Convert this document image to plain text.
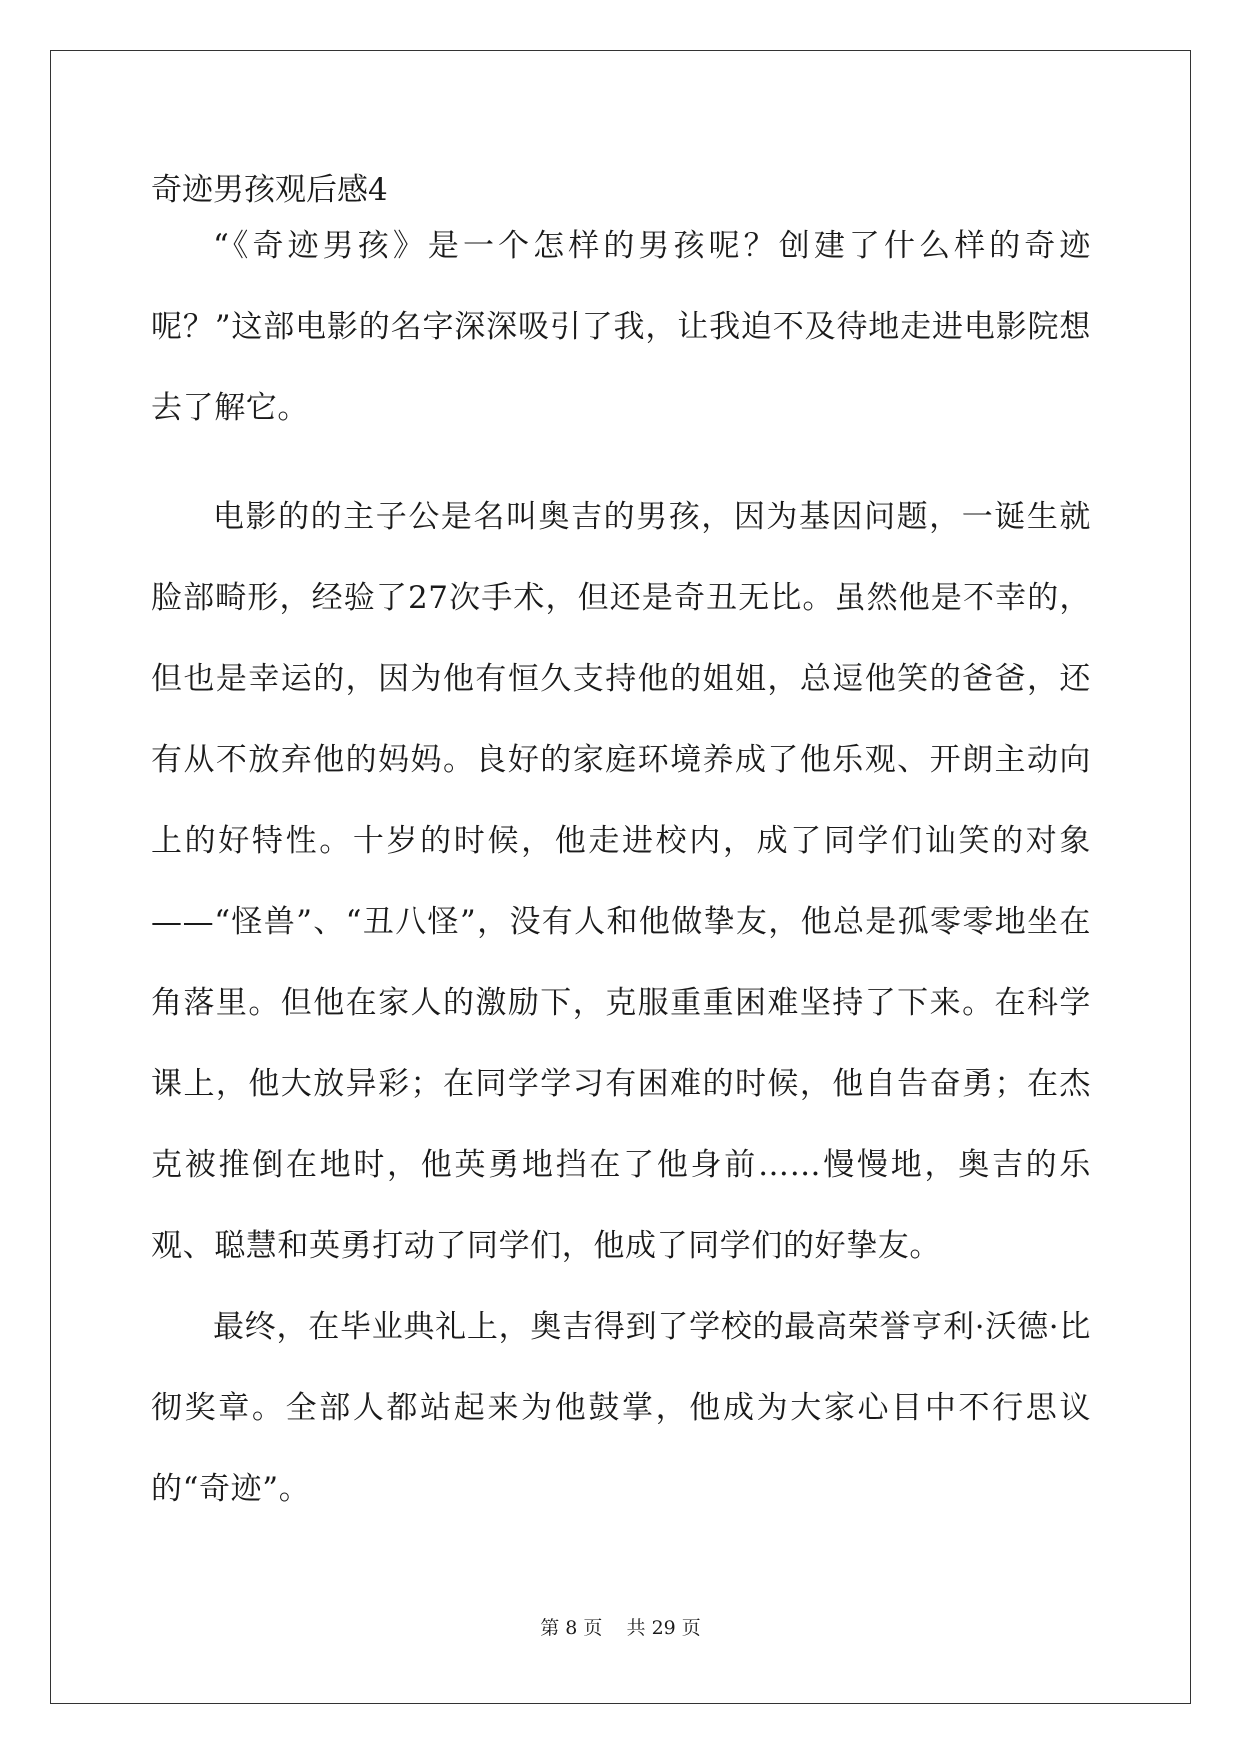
奇迹男孩观后感4

“《奇迹男孩》是一个怎样的男孩呢？创建了什么样的奇迹呢？”这部电影的名字深深吸引了我，让我迫不及待地走进电影院想去了解它。

电影的的主子公是名叫奥吉的男孩，因为基因问题，一诞生就脸部畸形，经验了27次手术，但还是奇丑无比。虽然他是不幸的，但也是幸运的，因为他有恒久支持他的姐姐，总逗他笑的爸爸，还有从不放弃他的妈妈。良好的家庭环境养成了他乐观、开朗主动向上的好特性。十岁的时候，他走进校内，成了同学们讪笑的对象——“怪兽”、“丑八怪”，没有人和他做挚友，他总是孤零零地坐在角落里。但他在家人的激励下，克服重重困难坚持了下来。在科学课上，他大放异彩；在同学学习有困难的时候，他自告奋勇；在杰克被推倒在地时，他英勇地挡在了他身前……慢慢地，奥吉的乐观、聪慧和英勇打动了同学们，他成了同学们的好挚友。

最终，在毕业典礼上，奥吉得到了学校的最高荣誉亨利·沃德·比彻奖章。全部人都站起来为他鼓掌，他成为大家心目中不行思议的“奇迹”。

第 8 页    共 29 页
